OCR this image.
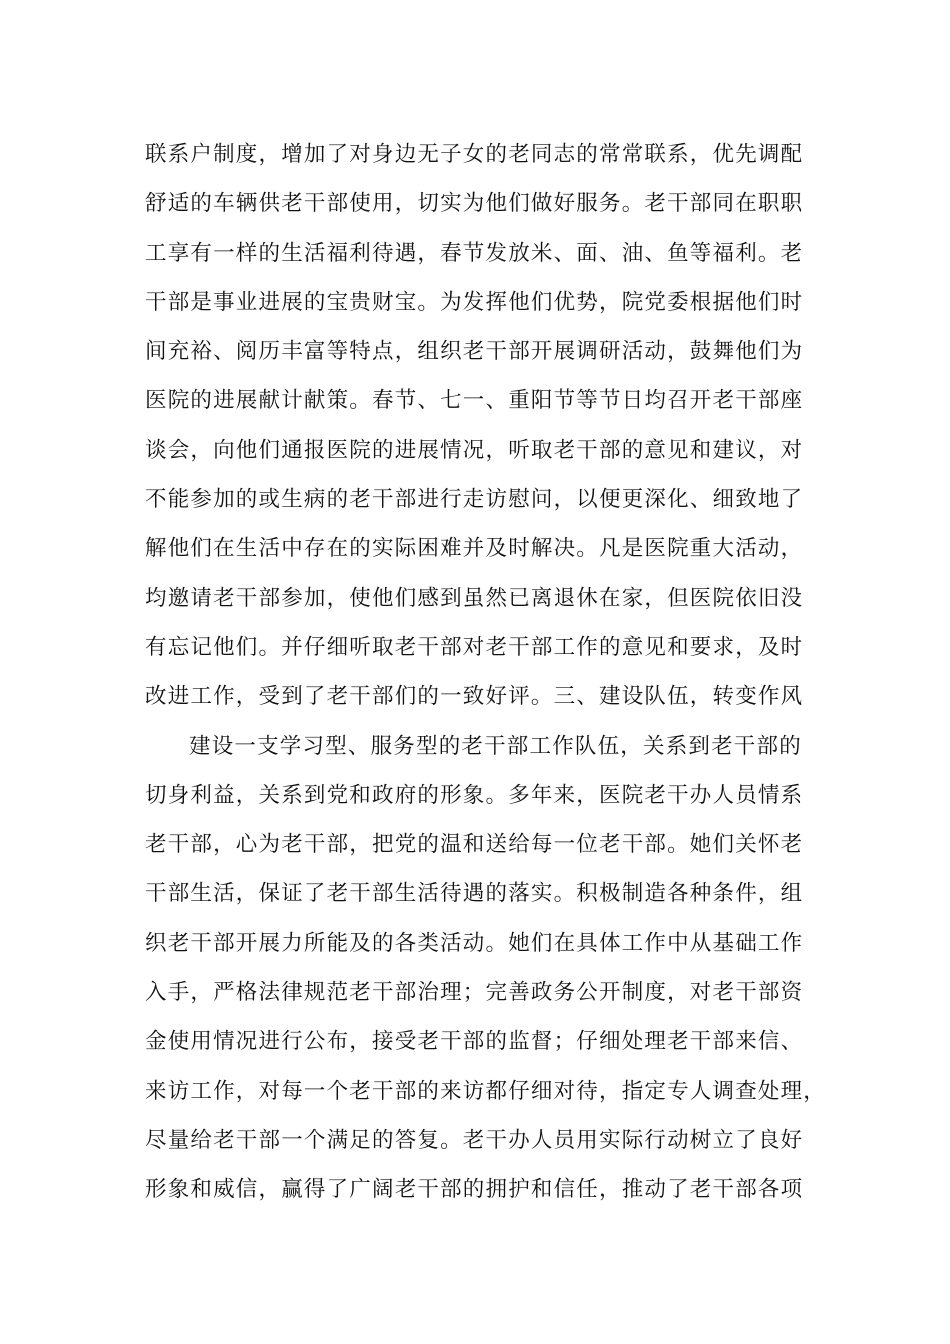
联系户制度，增加了对身边无子女的老同志的常常联系，优先调配
舒适的车辆供老干部使用，切实为他们做好服务。老干部同在职职
工享有一样的生活福利待遇，春节发放米、面、油、鱼等福利。老
干部是事业进展的宝贵财宝。为发挥他们优势，院党委根据他们时
间充裕、阅历丰富等特点，组织老干部开展调研活动，鼓舞他们为
医院的进展献计献策。春节、七一、重阳节等节日均召开老干部座
谈会，向他们通报医院的进展情况，听取老干部的意见和建议，对
不能参加的或生病的老干部进行走访慰问，以便更深化、细致地了
解他们在生活中存在的实际困难并及时解决。凡是医院重大活动，
均邀请老干部参加，使他们感到虽然已离退休在家，但医院依旧没
有忘记他们。并仔细听取老干部对老干部工作的意见和要求，及时
改进工作，受到了老干部们的一致好评。三、建设队伍，转变作风
建设一支学习型、服务型的老干部工作队伍，关系到老干部的
切身利益，关系到党和政府的形象。多年来，医院老干办人员情系
老干部，心为老干部，把党的温和送给每一位老干部。她们关怀老
干部生活，保证了老干部生活待遇的落实。积极制造各种条件，组
织老干部开展力所能及的各类活动。她们在具体工作中从基础工作
入手，严格法律规范老干部治理；完善政务公开制度，对老干部资
金使用情况进行公布，接受老干部的监督；仔细处理老干部来信、
来访工作，对每一个老干部的来访都仔细对待，指定专人调查处理，
尽量给老干部一个满足的答复。老干办人员用实际行动树立了良好
形象和威信，赢得了广阔老干部的拥护和信任，推动了老干部各项
